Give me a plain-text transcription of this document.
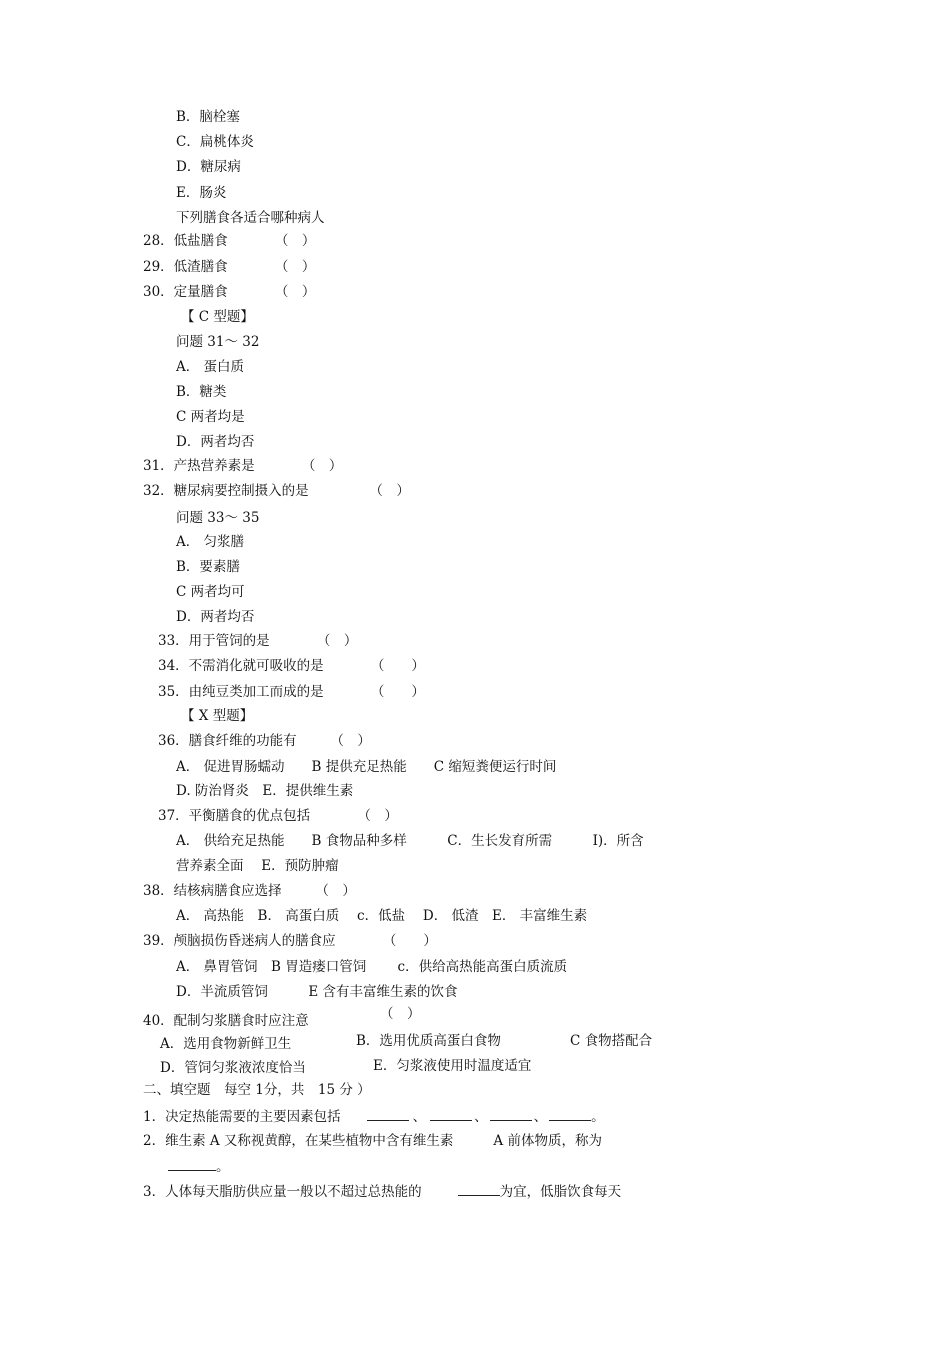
B．脑栓塞
C．扁桃体炎
D．糖尿病
E．肠炎
下列膳食各适合哪种病人
28．低盐膳食　　　　（　）
29．低渣膳食　　　　（　）
30．定量膳食　　　　（　）
【 C 型题】
问题 31～ 32
A． 蛋白质
B．糖类
C 两者均是
D．两者均否
31．产热营养素是　　　　（　）
32．糖尿病要控制摄入的是　　　　　（　）
问题 33～ 35
A． 匀浆膳
B．要素膳
C 两者均可
D．两者均否
33．用于管饲的是　　　　（　）
34．不需消化就可吸收的是　　　　（　　）
35．由纯豆类加工而成的是　　　　（　　）
【 X 型题】
36．膳食纤维的功能有　　　（　）
A． 促进胃肠蠕动　　B 提供充足热能　　C 缩短粪便运行时间
D. 防治肾炎　E．提供维生素
37．平衡膳食的优点包括　　　　（　）
A． 供给充足热能　　B 食物品种多样　　　C．生长发育所需　　　I)．所含
营养素全面　 E．预防肿瘤
38．结核病膳食应选择　　　（　）
A． 高热能　B． 高蛋白质　 c．低盐　 D． 低渣　E． 丰富维生素
39．颅脑损伤昏迷病人的膳食应　　　　（　　）
A． 鼻胃管饲　B 胃造瘘口管饲　　 c．供给高热能高蛋白质流质
D．半流质管饲　　　E 含有丰富维生素的饮食
（　）
40．配制匀浆膳食时应注意
A．选用食物新鲜卫生	B．选用优质高蛋白食物	C 食物搭配合
D．管饲匀浆液浓度恰当	E．匀浆液使用时温度适宜
二、填空题　每空 1分，共　15 分 ）
1．决定热能需要的主要因素包括	、	、	、	。
2．维生素 A 又称视黄醇，在某些植物中含有维生素	A 前体物质，称为
。
3．人体每天脂肪供应量一般以不超过总热能的	为宜，低脂饮食每天
